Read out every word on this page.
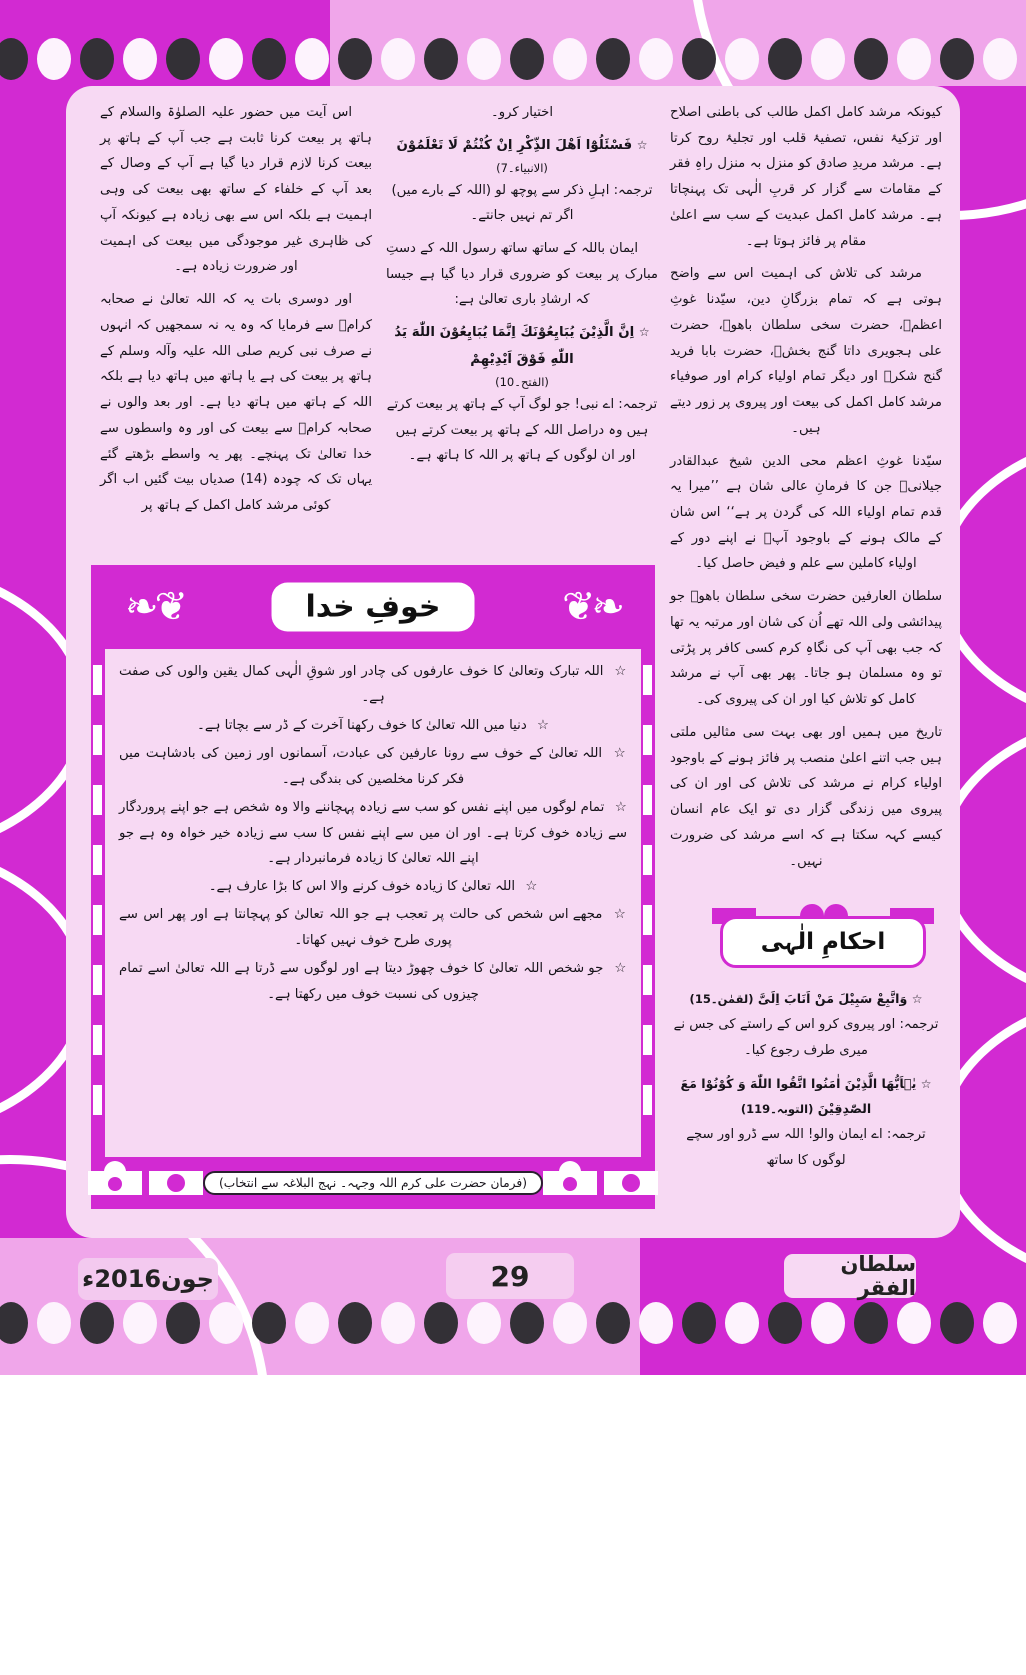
کیونکہ مرشد کامل اکمل طالب کی باطنی اصلاح اور تزکیۂ نفس، تصفیۂ قلب اور تجلیۂ روح کرتا ہے۔ مرشد مریدِ صادق کو منزل بہ منزل راہِ فقر کے مقامات سے گزار کر قربِ الٰہی تک پہنچاتا ہے۔ مرشد کامل اکمل عبدیت کے سب سے اعلیٰ مقام پر فائز ہوتا ہے۔

مرشد کی تلاش کی اہمیت اس سے واضح ہوتی ہے کہ تمام بزرگانِ دین، سیّدنا غوثِ اعظمؒ، حضرت سخی سلطان باھوؒ، حضرت علی ہجویری داتا گنج بخشؒ، حضرت بابا فرید گنج شکرؒ اور دیگر تمام اولیاء کرام اور صوفیاء مرشد کامل اکمل کی بیعت اور پیروی پر زور دیتے ہیں۔

سیّدنا غوثِ اعظم محی الدین شیخ عبدالقادر جیلانیؒ جن کا فرمانِ عالی شان ہے ’’میرا یہ قدم تمام اولیاء اللہ کی گردن پر ہے‘‘ اس شان کے مالک ہونے کے باوجود آپؒ نے اپنے دور کے اولیاء کاملین سے علم و فیض حاصل کیا۔

سلطان العارفین حضرت سخی سلطان باھوؒ جو پیدائشی ولی اللہ تھے اُن کی شان اور مرتبہ یہ تھا کہ جب بھی آپ کی نگاہِ کرم کسی کافر پر پڑتی تو وہ مسلمان ہو جاتا۔ پھر بھی آپ نے مرشد کامل کو تلاش کیا اور ان کی پیروی کی۔

تاریخ میں ہمیں اور بھی بہت سی مثالیں ملتی ہیں جب اتنے اعلیٰ منصب پر فائز ہونے کے باوجود اولیاء کرام نے مرشد کی تلاش کی اور ان کی پیروی میں زندگی گزار دی تو ایک عام انسان کیسے کہہ سکتا ہے کہ اسے مرشد کی ضرورت نہیں۔

اختیار کرو۔

☆ فَسْئَلُوْٓا اَهْلَ الذِّكْرِ اِنْ كُنْتُمْ لَا تَعْلَمُوْنَ
(الانبیاء۔7)

ترجمہ: اہلِ ذکر سے پوچھ لو (اللہ کے بارے میں) اگر تم نہیں جانتے۔

ایمان باللہ کے ساتھ ساتھ رسول اللہ کے دستِ مبارک پر بیعت کو ضروری قرار دیا گیا ہے جیسا کہ ارشادِ باری تعالیٰ ہے:

☆ اِنَّ الَّذِیْنَ یُبَایِعُوْنَكَ اِنَّمَا یُبَایِعُوْنَ اللّٰهَ یَدُ اللّٰهِ فَوْقَ اَیْدِیْهِمْ
(الفتح۔10)

ترجمہ: اے نبی! جو لوگ آپ کے ہاتھ پر بیعت کرتے ہیں وہ دراصل اللہ کے ہاتھ پر بیعت کرتے ہیں اور ان لوگوں کے ہاتھ پر اللہ کا ہاتھ ہے۔

اس آیت میں حضور علیہ الصلوٰۃ والسلام کے ہاتھ پر بیعت کرنا ثابت ہے جب آپ کے ہاتھ پر بیعت کرنا لازم قرار دیا گیا ہے آپ کے وصال کے بعد آپ کے خلفاء کے ساتھ بھی بیعت کی وہی اہمیت ہے بلکہ اس سے بھی زیادہ ہے کیونکہ آپ کی ظاہری غیر موجودگی میں بیعت کی اہمیت اور ضرورت زیادہ ہے۔

اور دوسری بات یہ کہ اللہ تعالیٰ نے صحابہ کرامؓ سے فرمایا کہ وہ یہ نہ سمجھیں کہ انہوں نے صرف نبی کریم صلی اللہ علیہ وآلہ وسلم کے ہاتھ پر بیعت کی ہے یا ہاتھ میں ہاتھ دیا ہے بلکہ اللہ کے ہاتھ میں ہاتھ دیا ہے۔ اور بعد والوں نے صحابہ کرامؓ سے بیعت کی اور وہ واسطوں سے خدا تعالیٰ تک پہنچے۔ پھر یہ واسطے بڑھتے گئے یہاں تک کہ چودہ (14) صدیاں بیت گئیں اب اگر کوئی مرشد کامل اکمل کے ہاتھ پر

❦❧	❧❦
خوفِ خدا
☆ اللہ تبارک وتعالیٰ کا خوف عارفوں کی چادر اور شوقِ الٰہی کمال یقین والوں کی صفت ہے۔
☆ دنیا میں اللہ تعالیٰ کا خوف رکھنا آخرت کے ڈر سے بچاتا ہے۔
☆ اللہ تعالیٰ کے خوف سے رونا عارفین کی عبادت، آسمانوں اور زمین کی بادشاہت میں فکر کرنا مخلصین کی بندگی ہے۔
☆ تمام لوگوں میں اپنے نفس کو سب سے زیادہ پہچاننے والا وہ شخص ہے جو اپنے پروردگار سے زیادہ خوف کرتا ہے۔ اور ان میں سے اپنے نفس کا سب سے زیادہ خیر خواہ وہ ہے جو اپنے اللہ تعالیٰ کا زیادہ فرمانبردار ہے۔
☆ اللہ تعالیٰ کا زیادہ خوف کرنے والا اس کا بڑا عارف ہے۔
☆ مجھے اس شخص کی حالت پر تعجب ہے جو اللہ تعالیٰ کو پہچانتا ہے اور پھر اس سے پوری طرح خوف نہیں کھاتا۔
☆ جو شخص اللہ تعالیٰ کا خوف چھوڑ دیتا ہے اور لوگوں سے ڈرتا ہے اللہ تعالیٰ اسے تمام چیزوں کی نسبت خوف میں رکھتا ہے۔
(فرمان حضرت علی کرم اللہ وجہہ۔ نہج البلاغہ سے انتخاب)
احکامِ الٰہی
☆ وَاتَّبِعْ سَبِیْلَ مَنْ اَنَابَ اِلَیَّ (لقمٰن۔15)

ترجمہ: اور پیروی کرو اس کے راستے کی جس نے میری طرف رجوع کیا۔

☆ یٰۤاَیُّهَا الَّذِیْنَ اٰمَنُوا اتَّقُوا اللّٰهَ وَ كُوْنُوْا مَعَ الصّٰدِقِیْنَ (التوبہ۔119)

ترجمہ: اے ایمان والو! اللہ سے ڈرو اور سچے لوگوں کا ساتھ

جون2016ء	29	سلطان الفقر
